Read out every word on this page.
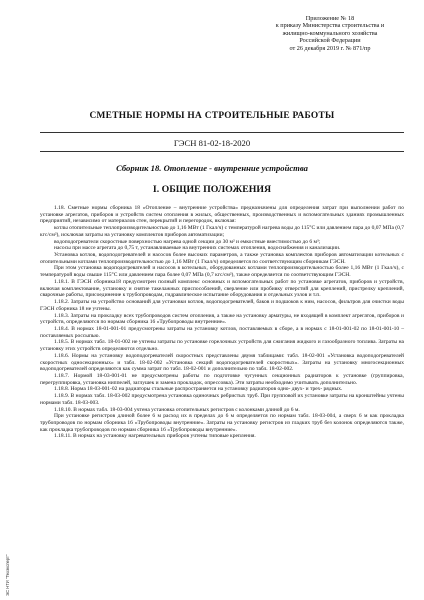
Приложение № 18
к приказу Министерства строительства и
жилищно-коммунального хозяйства
Российской Федерации
от 26 декабря 2019 г. № 871/пр
СМЕТНЫЕ НОРМЫ НА СТРОИТЕЛЬНЫЕ РАБОТЫ
ГЭСН 81-02-18-2020
Сборник 18. Отопление - внутренние устройства
I. ОБЩИЕ ПОЛОЖЕНИЯ

1.18. Сметные нормы сборника 18 «Отопление – внутренние устройства» предназначены для определения затрат при выполнении работ по установке агрегатов, приборов и устройств систем отопления в жилых, общественных, производственных и вспомогательных зданиях промышленных предприятий, независимо от материалов стен, перекрытий и перегородок, включая:

котлы отопительные теплопроизводительностью до 1,16 МВт (1 Гкал/ч) с температурой нагрева воды до 115°С или давлением пара до 0,07 МПа (0,7 кгс/см²), исключая затраты на установку комплектов приборов автоматизации;

водоподогреватели скоростные поверхностью нагрева одной секции до 30 м² и емкостные вместимостью до 6 м³;

насосы при массе агрегата до 0,75 т, устанавливаемые на внутренних системах отопления, водоснабжения и канализации.

Установка котлов, водоподогревателей и насосов более высоких параметров, а также установка комплектов приборов автоматизации котельных с отопительными котлами теплопроизводительностью до 1,16 МВт (1 Гкал/ч) определяется по соответствующим сборникам ГЭСН.

При этом установка водоподогревателей и насосов в котельных, оборудованных котлами теплопроизводительностью более 1,16 МВт (1 Гкал/ч), с температурой воды свыше 115°С или давлением пара более 0,07 МПа (0,7 кгс/см²), также определяется по соответствующим ГЭСН.

1.18.1. В ГЭСН сборника18 предусмотрен полный комплекс основных и вспомогательных работ по установке агрегатов, приборов и устройств, включая комплектование, установку и снятие такелажных приспособлений, сверление или пробивку отверстий для креплений, пристрелку креплений, сварочные работы, присоединение к трубопроводам, гидравлическое испытание оборудования и отдельных узлов и т.п.

1.18.2. Затраты на устройство оснований для установки котлов, водоподогревателей, баков и подшоков к ним, насосов, фильтров для очистки воды ГЭСН сборника 18 не учтены.

1.18.3. Затраты на прокладку всех трубопроводов систем отопления, а также на установку арматуры, не входящей в комплект агрегатов, приборов и устройств, определяются по нормам сборника 16 «Трубопроводы внутренние».

1.18.4. В нормах 18-01-001-01 предусмотрены затраты на установку котлов, поставляемых в сборе, а в нормах с 18-01-001-02 по 18-01-001-10 – поставляемых россыпью.

1.18.5. В нормах табл. 18-01-002 не учтены затраты по установке горелочных устройств для сжигания жидкого и газообразного топлива. Затраты на установку этих устройств определяются отдельно.

1.18.6. Нормы на установку водоподогревателей скоростных представлены двумя таблицами: табл. 18-02-001 «Установка водоподогревателей скоростных односекционных» и табл. 18-02-002 «Установка секций водоподогревателей скоростных». Затраты на установку многосекционных водоподогревателей определяются как сумма затрат по табл. 18-02-001 и дополнительно по табл. 18-02-002.

1.18.7. Нормой 18-03-001-01 не предусмотрены работы по подготовке чугунных секционных радиаторов к установке (группировка, перегруппировка, установка ниппелей, заглушек и замена прокладок, опрессовка). Эти затраты необходимо учитывать дополнительно.

1.18.8. Норма 18-03-001-02 на радиаторы стальные распространяется на установку радиаторов одно- двух- и трех- рядных.

1.18.9. В нормах табл. 18-03-002 предусмотрена установка одиночных ребристых труб. При групповой их установке затраты на кронштейны учтены нормами табл. 18-03-003.

1.18.10. В нормах табл. 18-03-004 учтена установка отопительных регистров с колонками длиной до 6 м.

При установке регистров длиной более 6 м расход их в пределах до 6 м определяется по нормам табл. 18-03-004, а сверх 6 м как прокладка трубопроводов по нормам сборника 16 «Трубопроводы внутренние». Затраты на установку регистров из гладких труб без колонок определяются также, как прокладка трубопроводов по нормам сборника 16 «Трубопроводы внутренние».

1.18.11. В нормах на установку нагревательных приборов учтены типовые крепления.

ЭС НТИ "Техэксперт"
